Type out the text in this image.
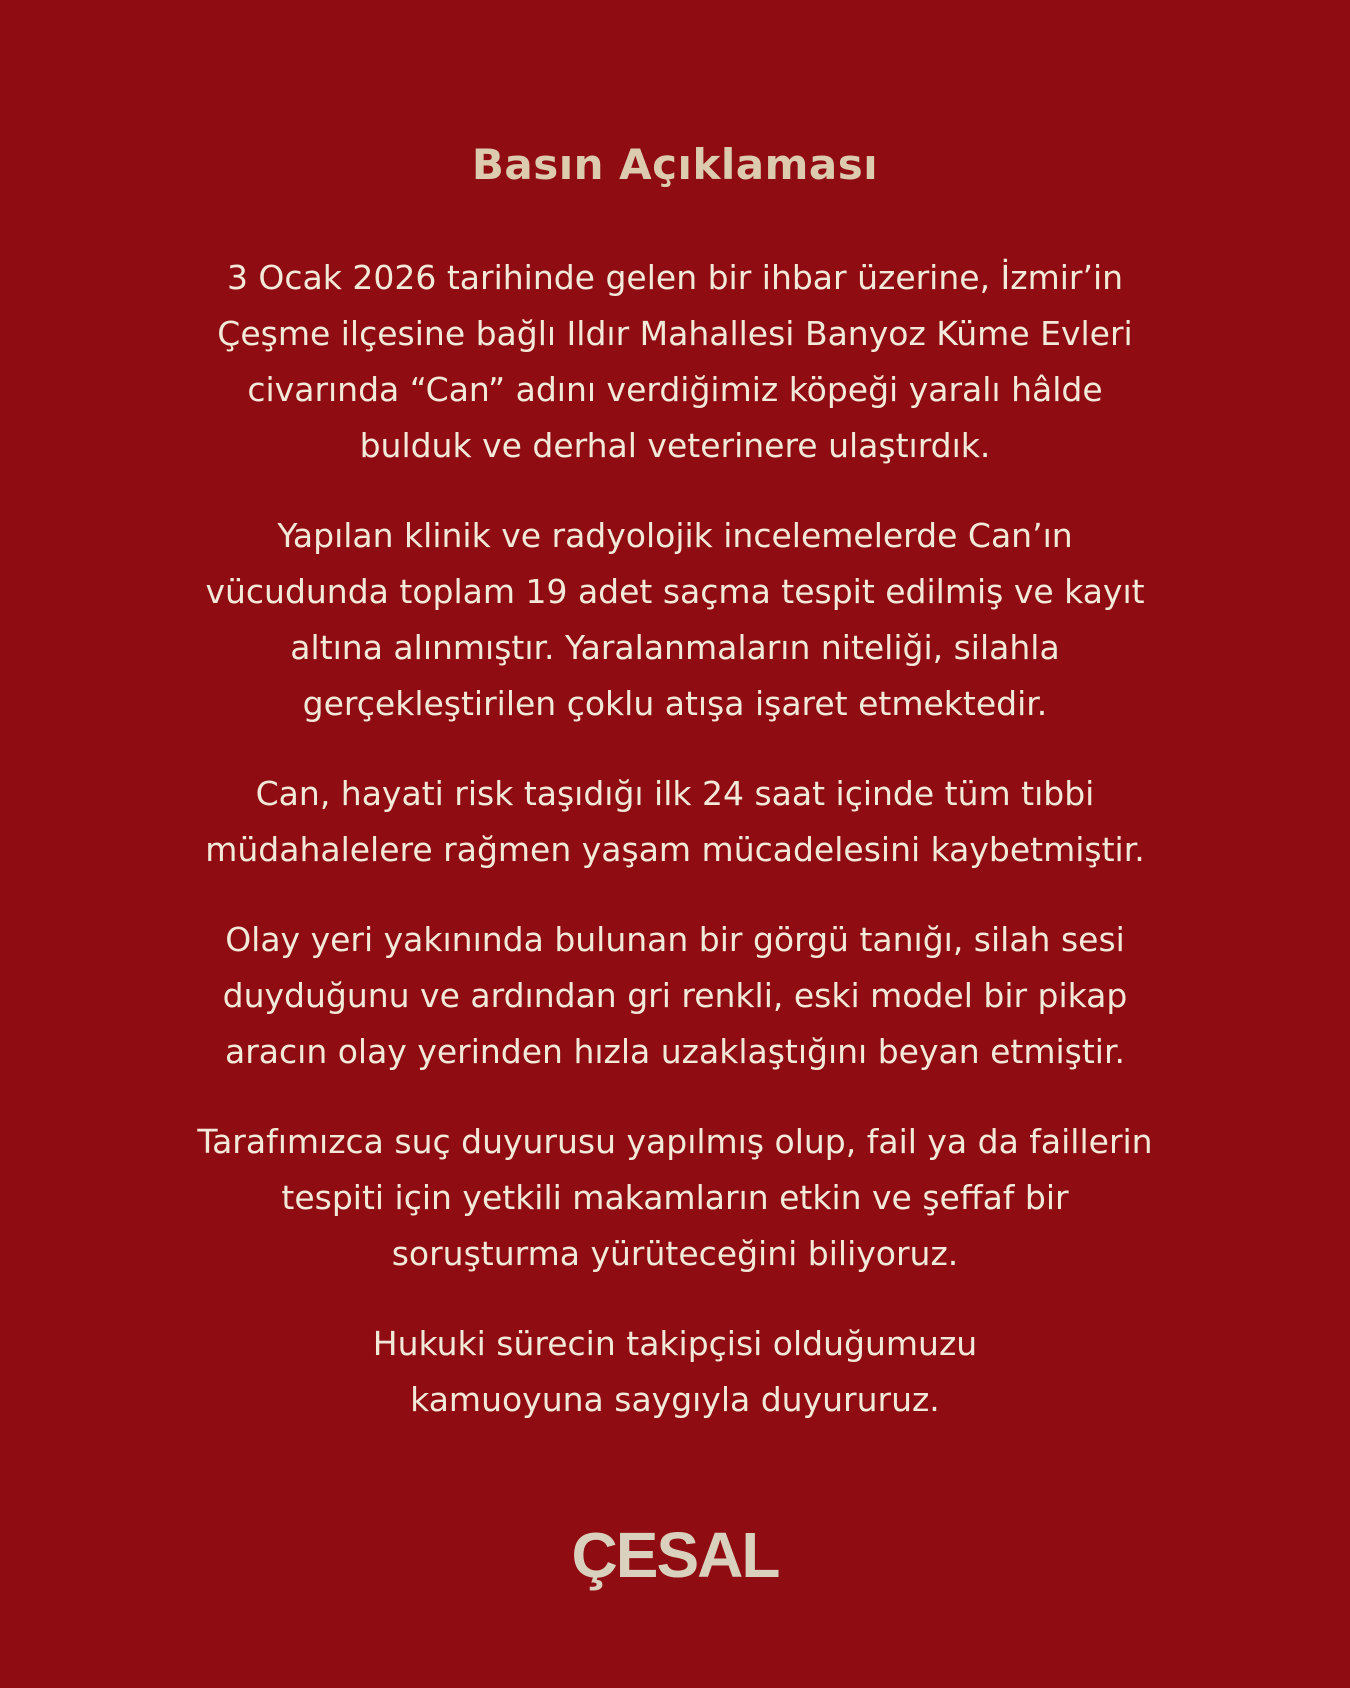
Basın Açıklaması

3 Ocak 2026 tarihinde gelen bir ihbar üzerine, İzmir’in
Çeşme ilçesine bağlı Ildır Mahallesi Banyoz Küme Evleri
civarında “Can” adını verdiğimiz köpeği yaralı hâlde
bulduk ve derhal veterinere ulaştırdık.

Yapılan klinik ve radyolojik incelemelerde Can’ın
vücudunda toplam 19 adet saçma tespit edilmiş ve kayıt
altına alınmıştır. Yaralanmaların niteliği, silahla
gerçekleştirilen çoklu atışa işaret etmektedir.

Can, hayati risk taşıdığı ilk 24 saat içinde tüm tıbbi
müdahalelere rağmen yaşam mücadelesini kaybetmiştir.

Olay yeri yakınında bulunan bir görgü tanığı, silah sesi
duyduğunu ve ardından gri renkli, eski model bir pikap
aracın olay yerinden hızla uzaklaştığını beyan etmiştir.

Tarafımızca suç duyurusu yapılmış olup, fail ya da faillerin
tespiti için yetkili makamların etkin ve şeffaf bir
soruşturma yürüteceğini biliyoruz.

Hukuki sürecin takipçisi olduğumuzu
kamuoyuna saygıyla duyururuz.

ÇESAL
